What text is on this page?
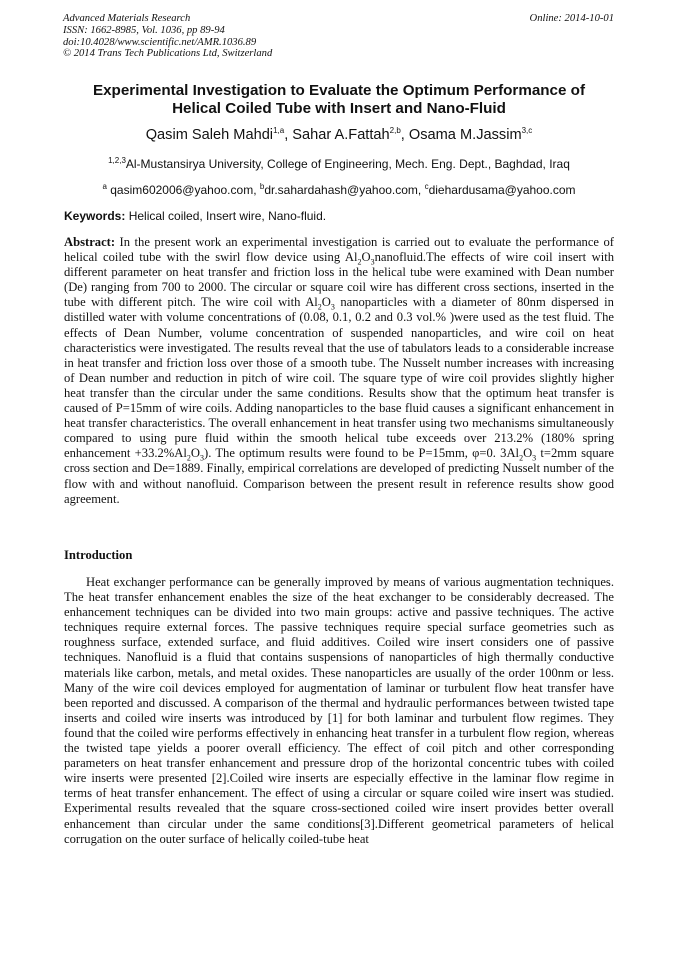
Advanced Materials Research
ISSN: 1662-8985, Vol. 1036, pp 89-94
doi:10.4028/www.scientific.net/AMR.1036.89
© 2014 Trans Tech Publications Ltd, Switzerland
Online: 2014-10-01
Experimental Investigation to Evaluate the Optimum Performance of
Helical Coiled Tube with Insert and Nano-Fluid
Qasim Saleh Mahdi$^{1,a}$, Sahar A.Fattah$^{2,b}$, Osama M.Jassim$^{3,c}$
$^{1,2,3}$Al-Mustansirya University, College of Engineering, Mech. Eng. Dept., Baghdad, Iraq
$^a$ qasim602006@yahoo.com, $^b$dr.sahardahash@yahoo.com, $^c$diehardusama@yahoo.com
Keywords: Helical coiled, Insert wire, Nano-fluid.
Abstract: In the present work an experimental investigation is carried out to evaluate the performance of helical coiled tube with the swirl flow device using $Al_2O_3nanofluid.The$ effects of wire coil insert with different parameter on heat transfer and friction loss in the helical tube were examined with Dean number (De) ranging from 700 to 2000. The circular or square coil wire has different cross sections, inserted in the tube with different pitch. The wire coil with $Al_2O_3$ nanoparticles with a diameter of 80nm dispersed in distilled water with volume concentrations of (0.08, 0.1, 0.2 and 0.3 vol.% )were used as the test fluid. The effects of Dean Number, volume concentration of suspended nanoparticles, and wire coil on heat characteristics were investigated. The results reveal that the use of tabulators leads to a considerable increase in heat transfer and friction loss over those of a smooth tube. The Nusselt number increases with increasing of Dean number and reduction in pitch of wire coil. The square type of wire coil provides slightly higher heat transfer than the circular under the same conditions. Results show that the optimum heat transfer is caused of P=15mm of wire coils. Adding nanoparticles to the base fluid causes a significant enhancement in heat transfer characteristics. The overall enhancement in heat transfer using two mechanisms simultaneously compared to using pure fluid within the smooth helical tube exceeds over 213.2% (180% spring enhancement $+33.2\%Al_2O_3$). The optimum results were found to be P=15mm, φ=0. $3Al_2O_3$ t=2mm square cross section and De=1889. Finally, empirical correlations are developed of predicting Nusselt number of the flow with and without nanofluid. Comparison between the present result in reference results show good agreement.
Introduction
Heat exchanger performance can be generally improved by means of various augmentation techniques. The heat transfer enhancement enables the size of the heat exchanger to be considerably decreased. The enhancement techniques can be divided into two main groups: active and passive techniques. The active techniques require external forces. The passive techniques require special surface geometries such as roughness surface, extended surface, and fluid additives. Coiled wire insert considers one of passive techniques. Nanofluid is a fluid that contains suspensions of nanoparticles of high thermally conductive materials like carbon, metals, and metal oxides. These nanoparticles are usually of the order 100nm or less. Many of the wire coil devices employed for augmentation of laminar or turbulent flow heat transfer have been reported and discussed. A comparison of the thermal and hydraulic performances between twisted tape inserts and coiled wire inserts was introduced by [1] for both laminar and turbulent flow regimes. They found that the coiled wire performs effectively in enhancing heat transfer in a turbulent flow region, whereas the twisted tape yields a poorer overall efficiency. The effect of coil pitch and other corresponding parameters on heat transfer enhancement and pressure drop of the horizontal concentric tubes with coiled wire inserts were presented [2].Coiled wire inserts are especially effective in the laminar flow regime in terms of heat transfer enhancement. The effect of using a circular or square coiled wire insert was studied. Experimental results revealed that the square cross-sectioned coiled wire insert provides better overall enhancement than circular under the same conditions[3].Different geometrical parameters of helical corrugation on the outer surface of helically coiled-tube heat
